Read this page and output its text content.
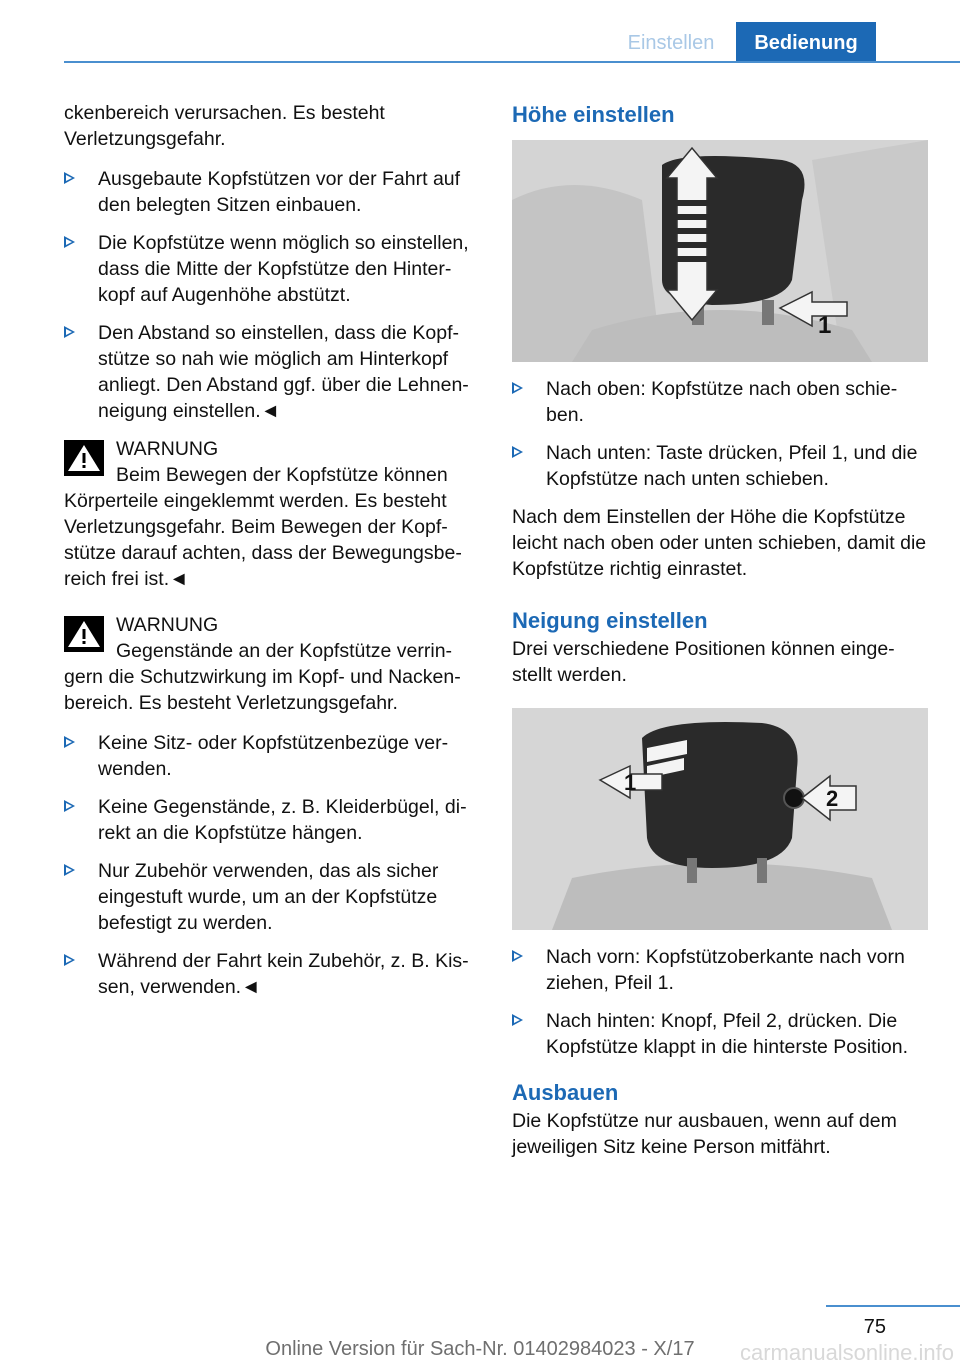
Einstellen	Bedienung

ckenbereich verursachen. Es besteht Verletzungsgefahr.

Ausgebaute Kopfstützen vor der Fahrt auf den belegten Sitzen einbauen.
Die Kopfstütze wenn möglich so einstellen, dass die Mitte der Kopfstütze den Hinter‐kopf auf Augenhöhe abstützt.
Den Abstand so einstellen, dass die Kopf‐stütze so nah wie möglich am Hinterkopf anliegt. Den Abstand ggf. über die Lehnen‐neigung einstellen.◄

WARNUNG

Beim Bewegen der Kopfstütze können

Körperteile eingeklemmt werden. Es besteht Verletzungsgefahr. Beim Bewegen der Kopf‐stütze darauf achten, dass der Bewegungsbe‐reich frei ist.◄

WARNUNG

Gegenstände an der Kopfstütze verrin‐

gern die Schutzwirkung im Kopf- und Nacken‐bereich. Es besteht Verletzungsgefahr.

Keine Sitz- oder Kopfstützenbezüge ver‐wenden.
Keine Gegenstände, z. B. Kleiderbügel, di‐rekt an die Kopfstütze hängen.
Nur Zubehör verwenden, das als sicher eingestuft wurde, um an der Kopfstütze befestigt zu werden.
Während der Fahrt kein Zubehör, z. B. Kis‐sen, verwenden.◄
Höhe einstellen
1
Nach oben: Kopfstütze nach oben schie‐ben.
Nach unten: Taste drücken, Pfeil 1, und die Kopfstütze nach unten schieben.

Nach dem Einstellen der Höhe die Kopfstütze leicht nach oben oder unten schieben, damit die Kopfstütze richtig einrastet.

Neigung einstellen

Drei verschiedene Positionen können einge‐stellt werden.

1
2
Nach vorn: Kopfstützoberkante nach vorn ziehen, Pfeil 1.
Nach hinten: Knopf, Pfeil 2, drücken. Die Kopfstütze klappt in die hinterste Position.
Ausbauen

Die Kopfstütze nur ausbauen, wenn auf dem jeweiligen Sitz keine Person mitfährt.

75
Online Version für Sach-Nr. 01402984023 - X/17	carmanualsonline.info
